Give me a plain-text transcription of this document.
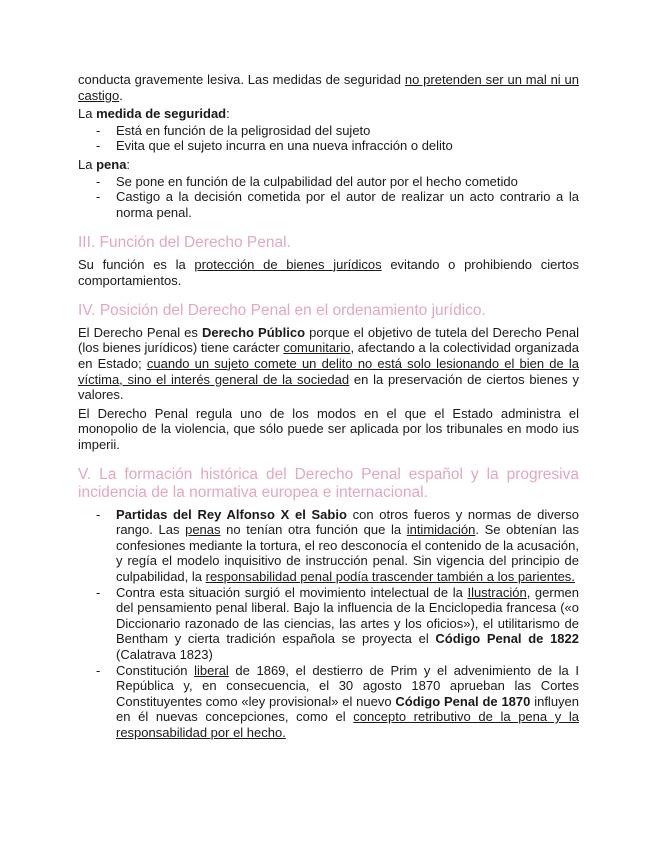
conducta gravemente lesiva. Las medidas de seguridad no pretenden ser un mal ni un castigo.

La medida de seguridad:

- Está en función de la peligrosidad del sujeto
- Evita que el sujeto incurra en una nueva infracción o delito

La pena:

- Se pone en función de la culpabilidad del autor por el hecho cometido
- Castigo a la decisión cometida por el autor de realizar un acto contrario a la norma penal.
III. Función del Derecho Penal.

Su función es la protección de bienes jurídicos evitando o prohibiendo ciertos comportamientos.

IV. Posición del Derecho Penal en el ordenamiento jurídico.

El Derecho Penal es Derecho Público porque el objetivo de tutela del Derecho Penal (los bienes jurídicos) tiene carácter comunitario, afectando a la colectividad organizada en Estado; cuando un sujeto comete un delito no está solo lesionando el bien de la víctima, sino el interés general de la sociedad en la preservación de ciertos bienes y valores.

El Derecho Penal regula uno de los modos en el que el Estado administra el monopolio de la violencia, que sólo puede ser aplicada por los tribunales en modo ius imperii.

V. La formación histórica del Derecho Penal español y la progresiva incidencia de la normativa europea e internacional.
- Partidas del Rey Alfonso X el Sabio con otros fueros y normas de diverso rango. Las penas no tenían otra función que la intimidación. Se obtenían las confesiones mediante la tortura, el reo desconocía el contenido de la acusación, y regía el modelo inquisitivo de instrucción penal. Sin vigencia del principio de culpabilidad, la responsabilidad penal podía trascender también a los parientes.
- Contra esta situación surgió el movimiento intelectual de la Ilustración, germen del pensamiento penal liberal. Bajo la influencia de la Enciclopedia francesa («o Diccionario razonado de las ciencias, las artes y los oficios»), el utilitarismo de Bentham y cierta tradición española se proyecta el Código Penal de 1822 (Calatrava 1823)
- Constitución liberal de 1869, el destierro de Prim y el advenimiento de la I República y, en consecuencia, el 30 agosto 1870 aprueban las Cortes Constituyentes como «ley provisional» el nuevo Código Penal de 1870 influyen en él nuevas concepciones, como el concepto retributivo de la pena y la responsabilidad por el hecho.
